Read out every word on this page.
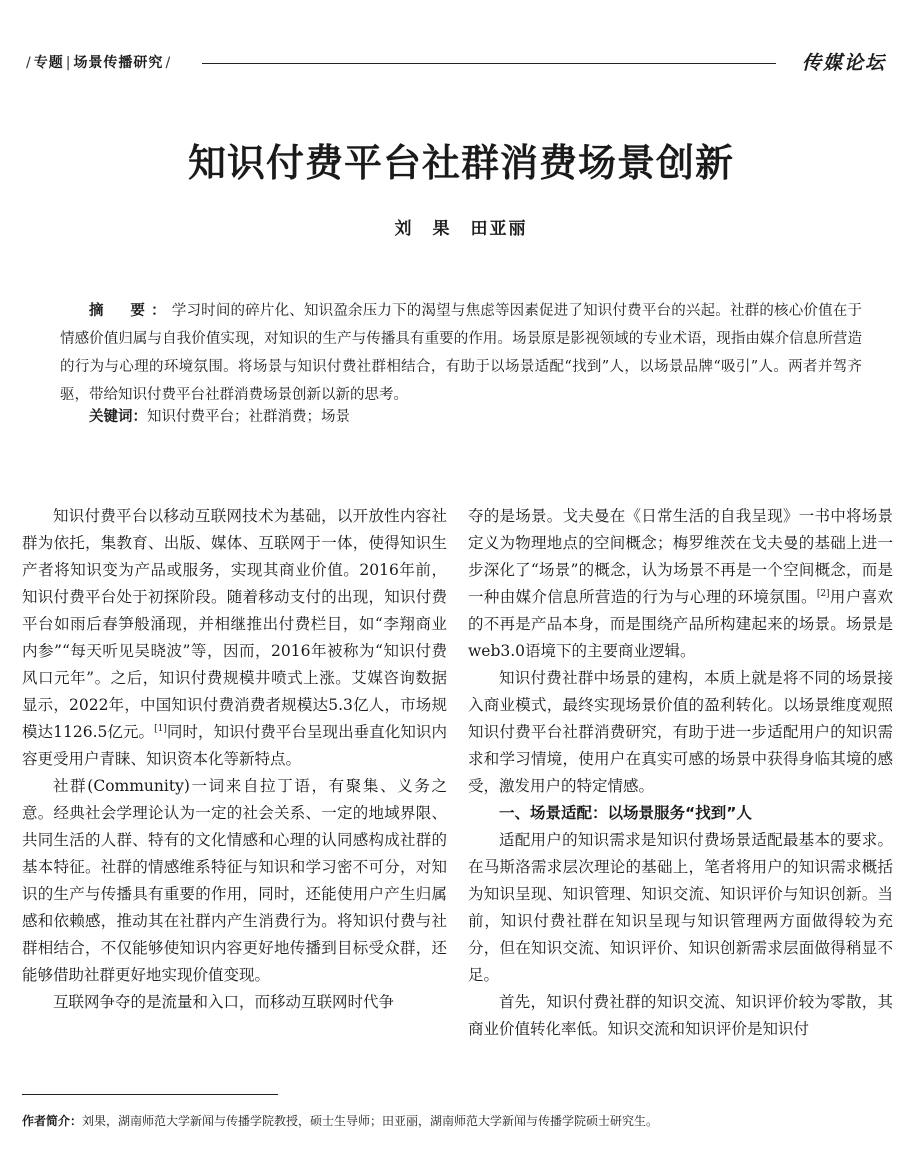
/ 专题 | 场景传播研究 /	传媒论坛
知识付费平台社群消费场景创新
刘　果　田亚丽
摘　要：学习时间的碎片化、知识盈余压力下的渴望与焦虑等因素促进了知识付费平台的兴起。社群的核心价值在于情感价值归属与自我价值实现，对知识的生产与传播具有重要的作用。场景原是影视领域的专业术语，现指由媒介信息所营造的行为与心理的环境氛围。将场景与知识付费社群相结合，有助于以场景适配“找到”人，以场景品牌“吸引”人。两者并驾齐驱，带给知识付费平台社群消费场景创新以新的思考。
关键词：知识付费平台；社群消费；场景

知识付费平台以移动互联网技术为基础，以开放性内容社群为依托，集教育、出版、媒体、互联网于一体，使得知识生产者将知识变为产品或服务，实现其商业价值。2016年前，知识付费平台处于初探阶段。随着移动支付的出现，知识付费平台如雨后春笋般涌现，并相继推出付费栏目，如“李翔商业内参”“每天听见吴晓波”等，因而，2016年被称为“知识付费风口元年”。之后，知识付费规模井喷式上涨。艾媒咨询数据显示，2022年，中国知识付费消费者规模达5.3亿人，市场规模达1126.5亿元。[1]同时，知识付费平台呈现出垂直化知识内容更受用户青睐、知识资本化等新特点。

社群(Community)一词来自拉丁语，有聚集、义务之意。经典社会学理论认为一定的社会关系、一定的地域界限、共同生活的人群、特有的文化情感和心理的认同感构成社群的基本特征。社群的情感维系特征与知识和学习密不可分，对知识的生产与传播具有重要的作用，同时，还能使用户产生归属感和依赖感，推动其在社群内产生消费行为。将知识付费与社群相结合，不仅能够使知识内容更好地传播到目标受众群，还能够借助社群更好地实现价值变现。

互联网争夺的是流量和入口，而移动互联网时代争

夺的是场景。戈夫曼在《日常生活的自我呈现》一书中将场景定义为物理地点的空间概念；梅罗维茨在戈夫曼的基础上进一步深化了“场景”的概念，认为场景不再是一个空间概念，而是一种由媒介信息所营造的行为与心理的环境氛围。[2]用户喜欢的不再是产品本身，而是围绕产品所构建起来的场景。场景是web3.0语境下的主要商业逻辑。

知识付费社群中场景的建构，本质上就是将不同的场景接入商业模式，最终实现场景价值的盈利转化。以场景维度观照知识付费平台社群消费研究，有助于进一步适配用户的知识需求和学习情境，使用户在真实可感的场景中获得身临其境的感受，激发用户的特定情感。

一、场景适配：以场景服务“找到”人

适配用户的知识需求是知识付费场景适配最基本的要求。在马斯洛需求层次理论的基础上，笔者将用户的知识需求概括为知识呈现、知识管理、知识交流、知识评价与知识创新。当前，知识付费社群在知识呈现与知识管理两方面做得较为充分，但在知识交流、知识评价、知识创新需求层面做得稍显不足。

首先，知识付费社群的知识交流、知识评价较为零散，其商业价值转化率低。知识交流和知识评价是知识付

作者简介：刘果，湖南师范大学新闻与传播学院教授，硕士生导师；田亚丽，湖南师范大学新闻与传播学院硕士研究生。
